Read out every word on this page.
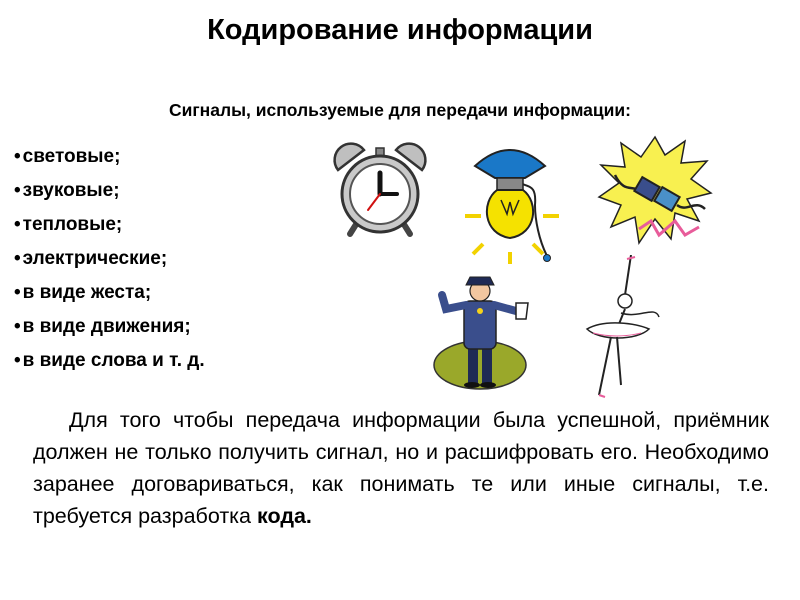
Кодирование информации
Сигналы, используемые для передачи информации:
• световые;
• звуковые;
• тепловые;
• электрические;
• в виде жеста;
• в виде движения;
• в виде слова и т. д.

Для того чтобы передача информации была успешной, приёмник должен не только получить сигнал, но и расшифровать его. Необходимо заранее договариваться, как понимать те или иные сигналы, т.е. требуется разработка кода.
